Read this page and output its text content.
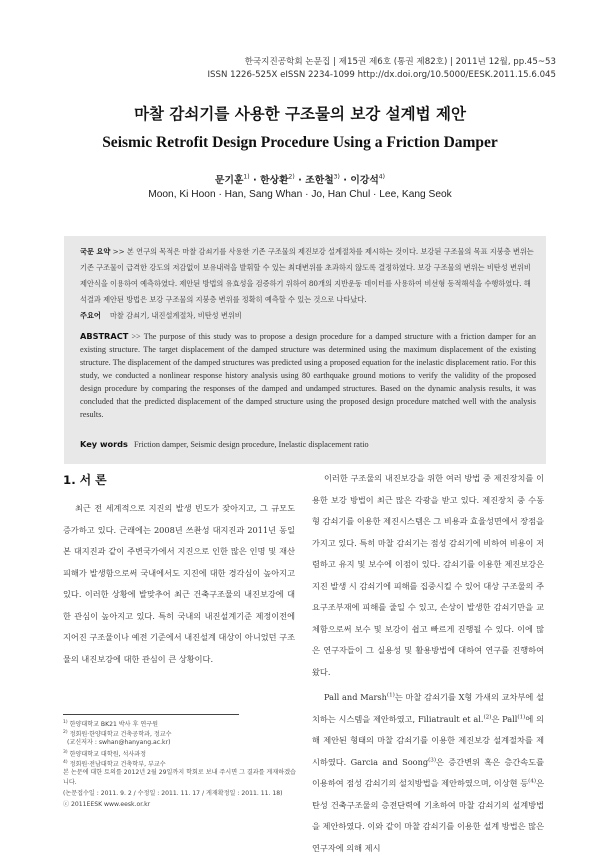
한국지진공학회 논문집 | 제15권 제6호 (통권 제82호) | 2011년 12월, pp.45~53
ISSN 1226-525X eISSN 2234-1099 http://dx.doi.org/10.5000/EESK.2011.15.6.045
마찰 감쇠기를 사용한 구조물의 보강 설계법 제안
Seismic Retrofit Design Procedure Using a Friction Damper
문기훈$^{1)}$ · 한상환$^{2)}$ · 조한철$^{3)}$ · 이강석$^{4)}$
Moon, Ki Hoon · Han, Sang Whan · Jo, Han Chul · Lee, Kang Seok
국문 요약 >> 본 연구의 목적은 마찰 감쇠기를 사용한 기존 구조물의 제진보강 설계절차를 제시하는 것이다. 보강된 구조물의 목표 지붕층 변위는 기존 구조물이 급격한 강도의 저감없이 보유내력을 발휘할 수 있는 최대변위를 초과하지 않도록 결정하였다. 보강 구조물의 변위는 비탄성 변위비 제안식을 이용하여 예측하였다. 제안된 방법의 유효성을 검증하기 위하여 80개의 지반운동 데이터를 사용하여 비선형 동적해석을 수행하였다. 해석결과 제안된 방법은 보강 구조물의 지붕층 변위를 정확히 예측할 수 있는 것으로 나타났다.
주요어 마찰 감쇠기, 내진설계절차, 비탄성 변위비
ABSTRACT >> The purpose of this study was to propose a design procedure for a damped structure with a friction damper for an existing structure. The target displacement of the damped structure was determined using the maximum displacement of the existing structure. The displacement of the damped structures was predicted using a proposed equation for the inelastic displacement ratio. For this study, we conducted a nonlinear response history analysis using 80 earthquake ground motions to verify the validity of the proposed design procedure by comparing the responses of the damped and undamped structures. Based on the dynamic analysis results, it was concluded that the predicted displacement of the damped structure using the proposed design procedure matched well with the analysis results.
Key words Friction damper, Seismic design procedure, Inelastic displacement ratio
1. 서 론

최근 전 세계적으로 지진의 발생 빈도가 잦아지고, 그 규모도 증가하고 있다. 근래에는 2008년 쓰촨성 대지진과 2011년 동일본 대지진과 같이 주변국가에서 지진으로 인한 많은 인명 및 재산 피해가 발생함으로써 국내에서도 지진에 대한 경각심이 높아지고 있다. 이러한 상황에 발맞추어 최근 건축구조물의 내진보강에 대한 관심이 높아지고 있다. 특히 국내의 내진설계기준 제정이전에 지어진 구조물이나 예전 기준에서 내진설계 대상이 아니었던 구조물의 내진보강에 대한 관심이 큰 상황이다.

이러한 구조물의 내진보강을 위한 여러 방법 중 제진장치를 이용한 보강 방법이 최근 많은 각광을 받고 있다. 제진장치 중 수동형 감쇠기를 이용한 제진시스템은 그 비용과 효율성면에서 장점을 가지고 있다. 특히 마찰 감쇠기는 점성 감쇠기에 비하여 비용이 저렴하고 유지 및 보수에 이점이 있다. 감쇠기를 이용한 제진보강은 지진 발생 시 감쇠기에 피해를 집중시킬 수 있어 대상 구조물의 주요구조부재에 피해를 줄일 수 있고, 손상이 발생한 감쇠기만을 교체함으로써 보수 및 보강이 쉽고 빠르게 진행될 수 있다. 이에 많은 연구자들이 그 실용성 및 활용방법에 대하여 연구를 진행하여왔다.

Pall and Marsh$^{(1)}$는 마찰 감쇠기를 X형 가새의 교차부에 설치하는 시스템을 제안하였고, Filiatrault et al.$^{(2)}$은 Pall$^{(1)}$에 의해 제안된 형태의 마찰 감쇠기를 이용한 제진보강 설계절차를 제시하였다. Garcia and Soong$^{(3)}$은 증간변위 혹은 층간속도를 이용하여 점성 감쇠기의 설치방법을 제안하였으며, 이상현 등$^{(4)}$은 탄성 건축구조물의 층전단력에 기초하여 마찰 감쇠기의 설계방법을 제안하였다. 이와 같이 마찰 감쇠기를 이용한 설계 방법은 많은 연구자에 의해 제시

$^{1)}$ 한양대학교 BK21 박사 후 연구원
$^{2)}$ 정회원·한양대학교 건축공학과, 정교수
(교신저자 : swhan@hanyang.ac.kr)
$^{3)}$ 한양대학교 대학원, 석사과정
$^{4)}$ 정회원·전남대학교 건축학부, 부교수
본 논문에 대한 토의를 2012년 2월 29일까지 학회로 보내 주시면 그 결과를 게재하겠습니다.
(논문접수일 : 2011. 9. 2 / 수정일 : 2011. 11. 17 / 게재확정일 : 2011. 11. 18)
ⓒ 2011EESK www.eesk.or.kr
